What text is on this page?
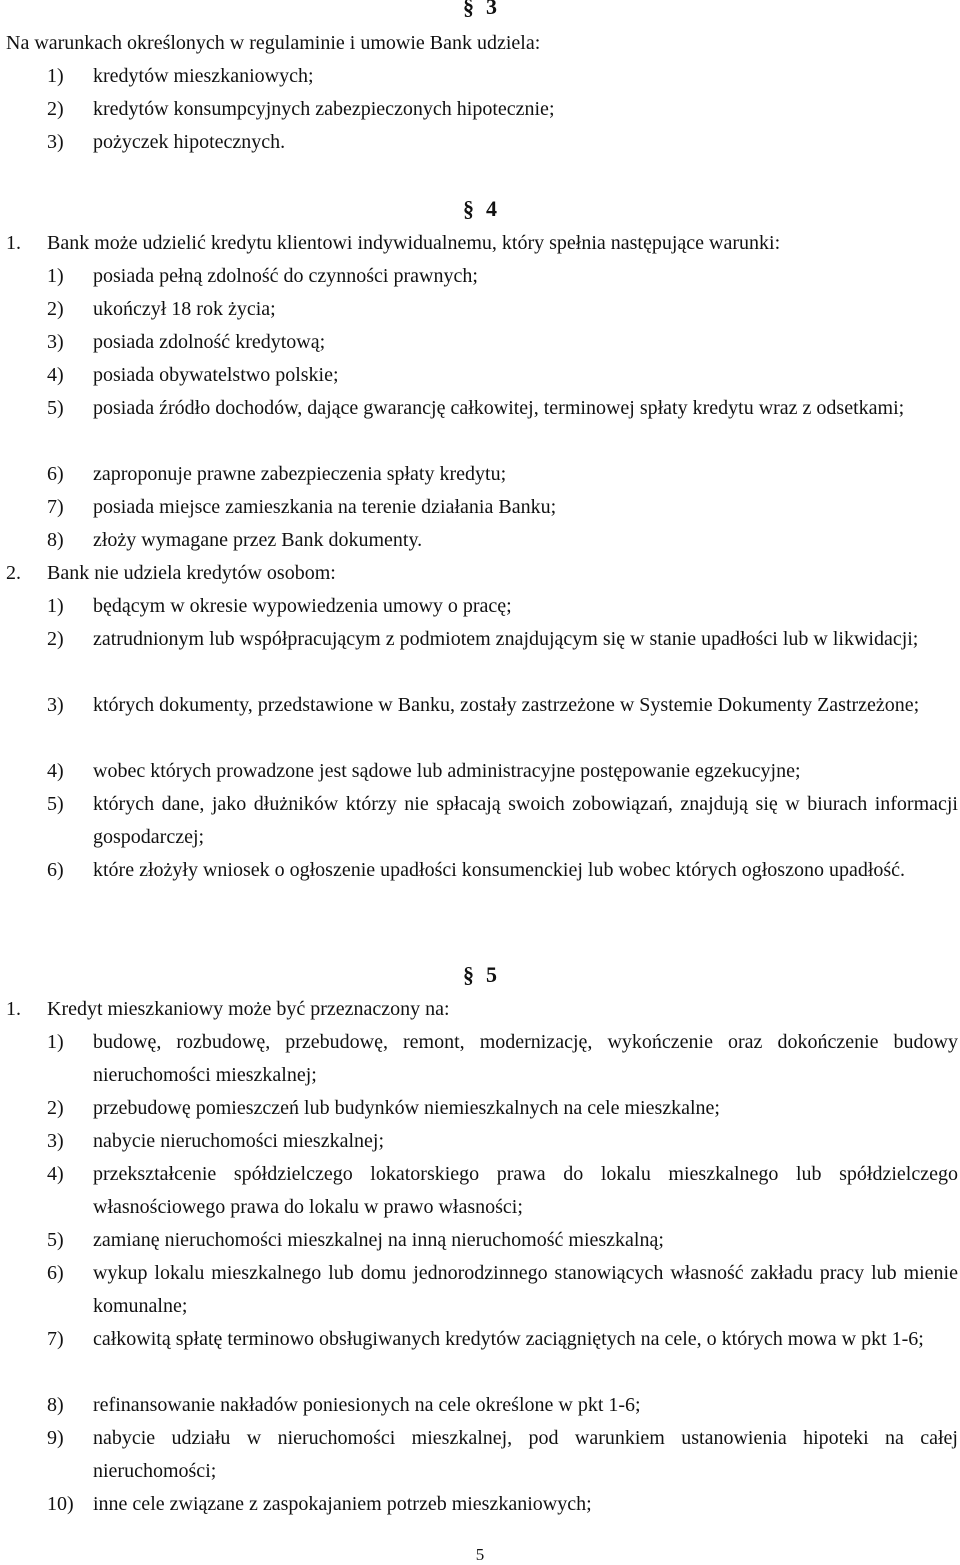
§ 3
Na warunkach określonych w regulaminie i umowie Bank udziela:
1) kredytów mieszkaniowych;
2) kredytów konsumpcyjnych zabezpieczonych hipotecznie;
3) pożyczek hipotecznych.
§ 4
1. Bank może udzielić kredytu klientowi indywidualnemu, który spełnia następujące warunki:
1) posiada pełną zdolność do czynności prawnych;
2) ukończył 18 rok życia;
3) posiada zdolność kredytową;
4) posiada obywatelstwo polskie;
5) posiada źródło dochodów, dające gwarancję całkowitej, terminowej spłaty kredytu wraz z odsetkami;
6) zaproponuje prawne zabezpieczenia spłaty kredytu;
7) posiada miejsce zamieszkania na terenie działania Banku;
8) złoży wymagane przez Bank dokumenty.
2. Bank nie udziela kredytów osobom:
1) będącym w okresie wypowiedzenia umowy o pracę;
2) zatrudnionym lub współpracującym z podmiotem znajdującym się w stanie upadłości lub w likwidacji;
3) których dokumenty, przedstawione w Banku, zostały zastrzeżone w Systemie Dokumenty Zastrzeżone;
4) wobec których prowadzone jest sądowe lub administracyjne postępowanie egzekucyjne;
5) których dane, jako dłużników którzy nie spłacają swoich zobowiązań, znajdują się w biurach informacji gospodarczej;
6) które złożyły wniosek o ogłoszenie upadłości konsumenckiej lub wobec których ogłoszono upadłość.
§ 5
1. Kredyt mieszkaniowy może być przeznaczony na:
1) budowę, rozbudowę, przebudowę, remont, modernizację, wykończenie oraz dokończenie budowy nieruchomości mieszkalnej;
2) przebudowę pomieszczeń lub budynków niemieszkalnych na cele mieszkalne;
3) nabycie nieruchomości mieszkalnej;
4) przekształcenie spółdzielczego lokatorskiego prawa do lokalu mieszkalnego lub spółdzielczego własnościowego prawa do lokalu w prawo własności;
5) zamianę nieruchomości mieszkalnej na inną nieruchomość mieszkalną;
6) wykup lokalu mieszkalnego lub domu jednorodzinnego stanowiących własność zakładu pracy lub mienie komunalne;
7) całkowitą spłatę terminowo obsługiwanych kredytów zaciągniętych na cele, o których mowa w pkt 1-6;
8) refinansowanie nakładów poniesionych na cele określone w pkt 1-6;
9) nabycie udziału w nieruchomości mieszkalnej, pod warunkiem ustanowienia hipoteki na całej nieruchomości;
10) inne cele związane z zaspokajaniem potrzeb mieszkaniowych;
5
